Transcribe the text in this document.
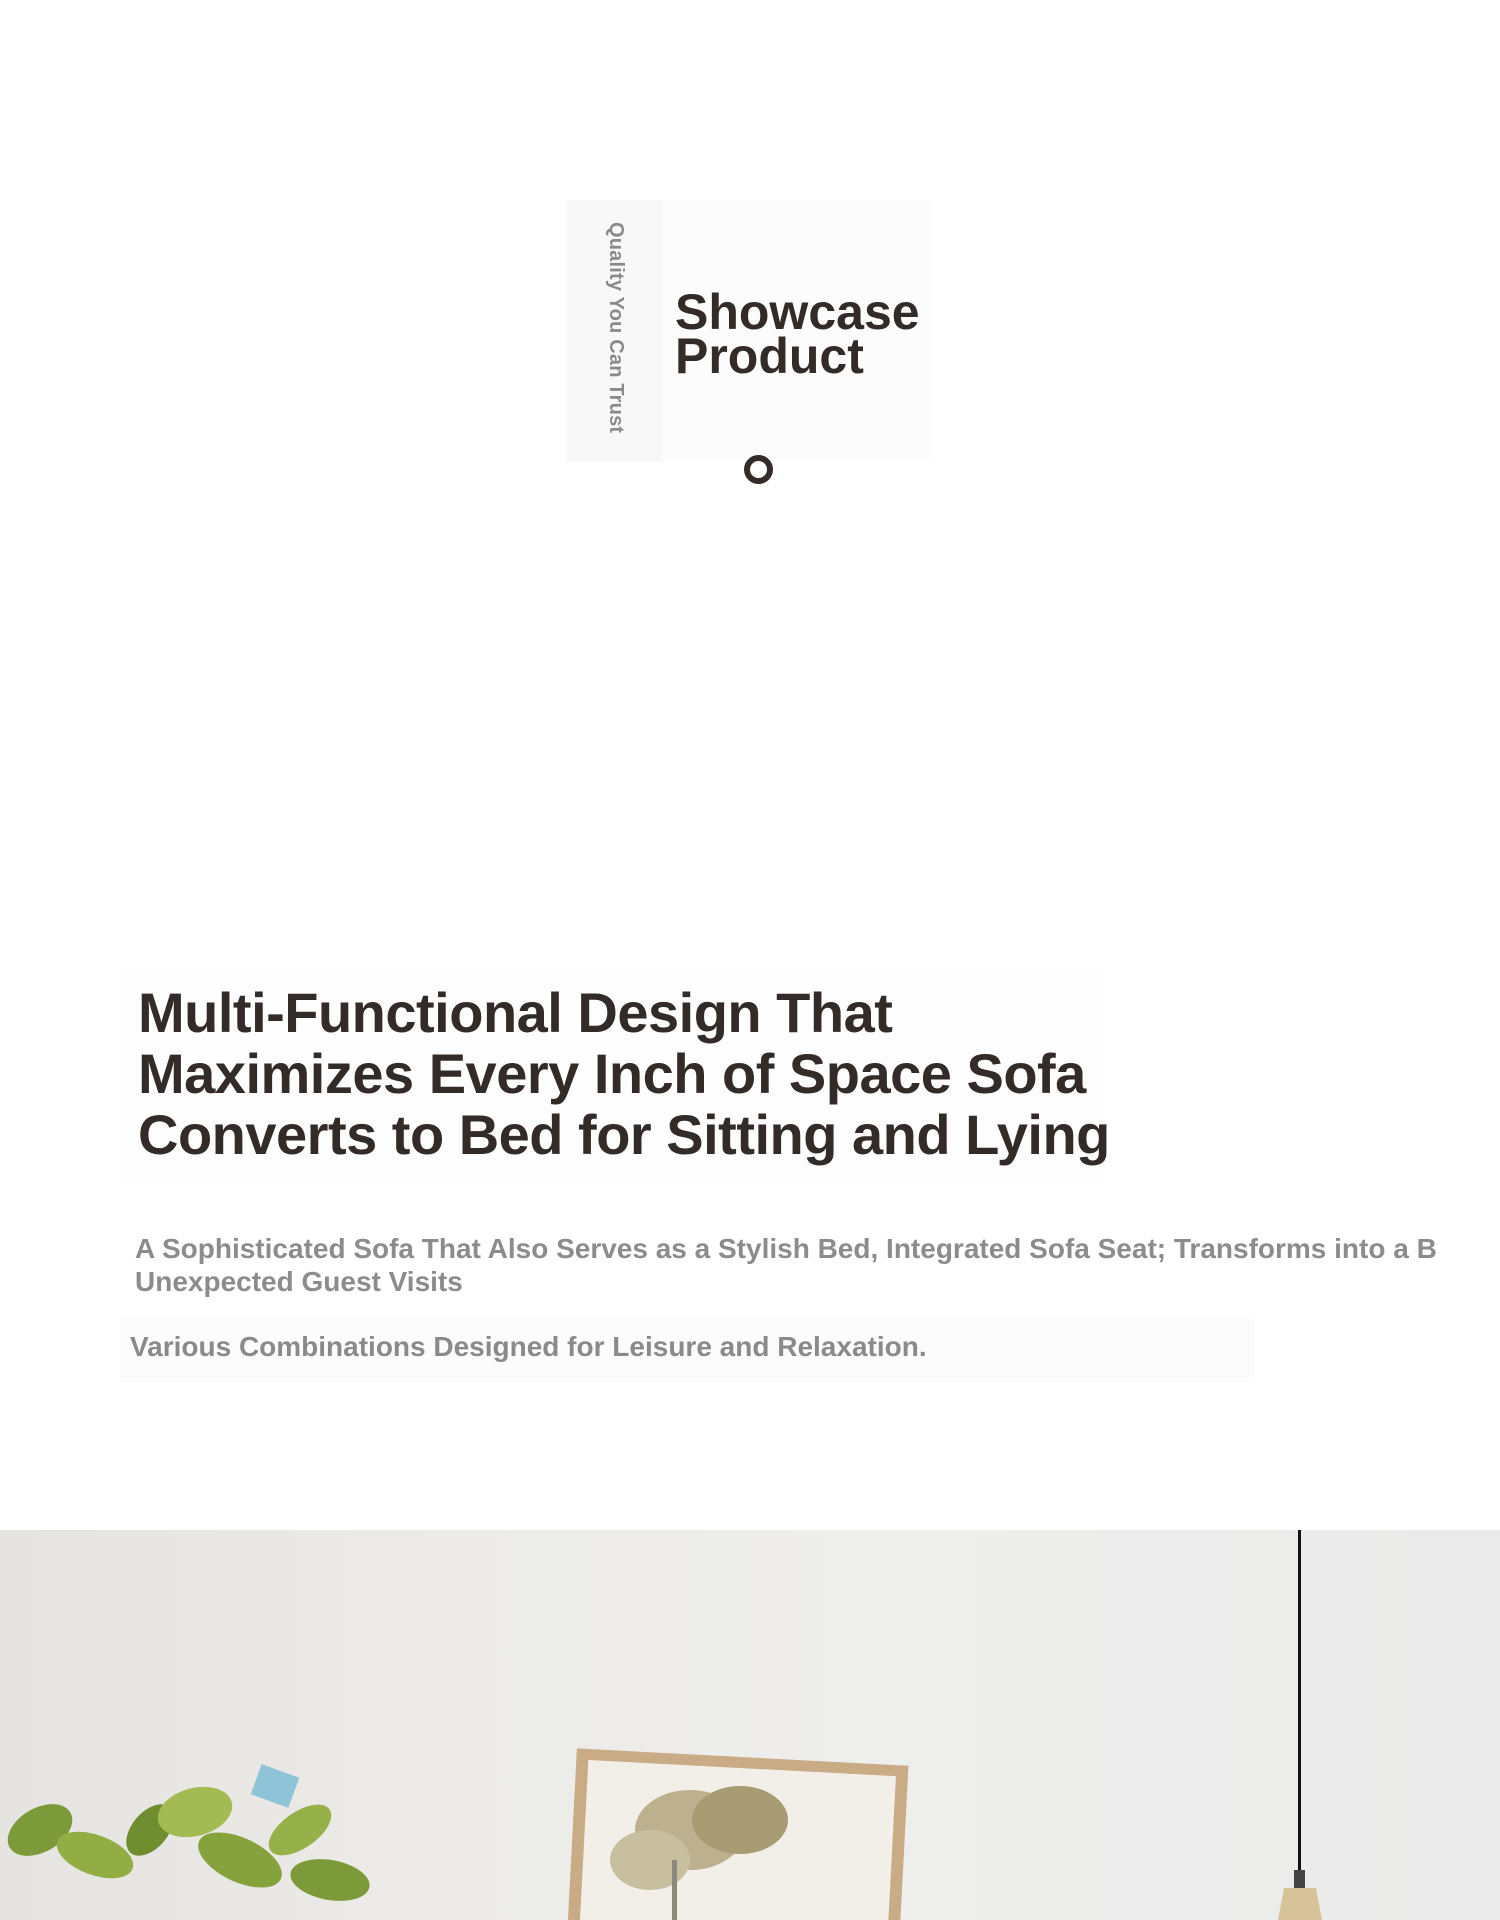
Quality You Can Trust Showcase
Product
Multi-Functional Design That
Maximizes Every Inch of Space Sofa
Converts to Bed for Sitting and Lying

A Sophisticated Sofa That Also Serves as a Stylish Bed, Integrated Sofa Seat; Transforms into a B
Unexpected Guest Visits

Various Combinations Designed for Leisure and Relaxation.
